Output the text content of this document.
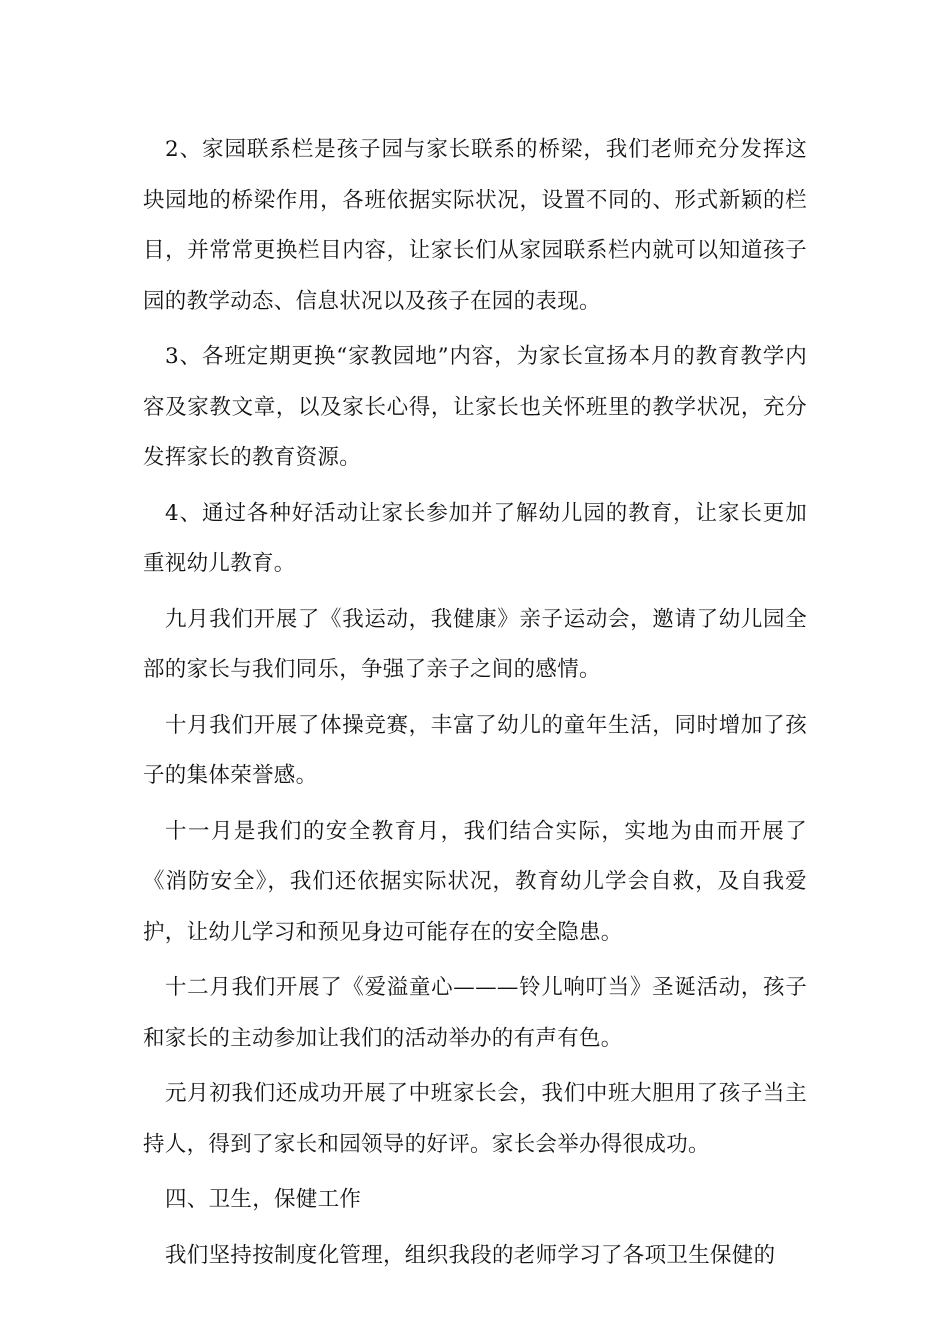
2、家园联系栏是孩子园与家长联系的桥梁，我们老师充分发挥这块园地的桥梁作用，各班依据实际状况，设置不同的、形式新颖的栏目，并常常更换栏目内容，让家长们从家园联系栏内就可以知道孩子园的教学动态、信息状况以及孩子在园的表现。

3、各班定期更换“家教园地”内容，为家长宣扬本月的教育教学内容及家教文章，以及家长心得，让家长也关怀班里的教学状况，充分发挥家长的教育资源。

4、通过各种好活动让家长参加并了解幼儿园的教育，让家长更加重视幼儿教育。

九月我们开展了《我运动，我健康》亲子运动会，邀请了幼儿园全部的家长与我们同乐，争强了亲子之间的感情。

十月我们开展了体操竞赛，丰富了幼儿的童年生活，同时增加了孩子的集体荣誉感。

十一月是我们的安全教育月，我们结合实际，实地为由而开展了《消防安全》，我们还依据实际状况，教育幼儿学会自救，及自我爱护，让幼儿学习和预见身边可能存在的安全隐患。

十二月我们开展了《爱溢童心———铃儿响叮当》圣诞活动，孩子和家长的主动参加让我们的活动举办的有声有色。

元月初我们还成功开展了中班家长会，我们中班大胆用了孩子当主持人，得到了家长和园领导的好评。家长会举办得很成功。

四、卫生，保健工作

我们坚持按制度化管理，组织我段的老师学习了各项卫生保健的
